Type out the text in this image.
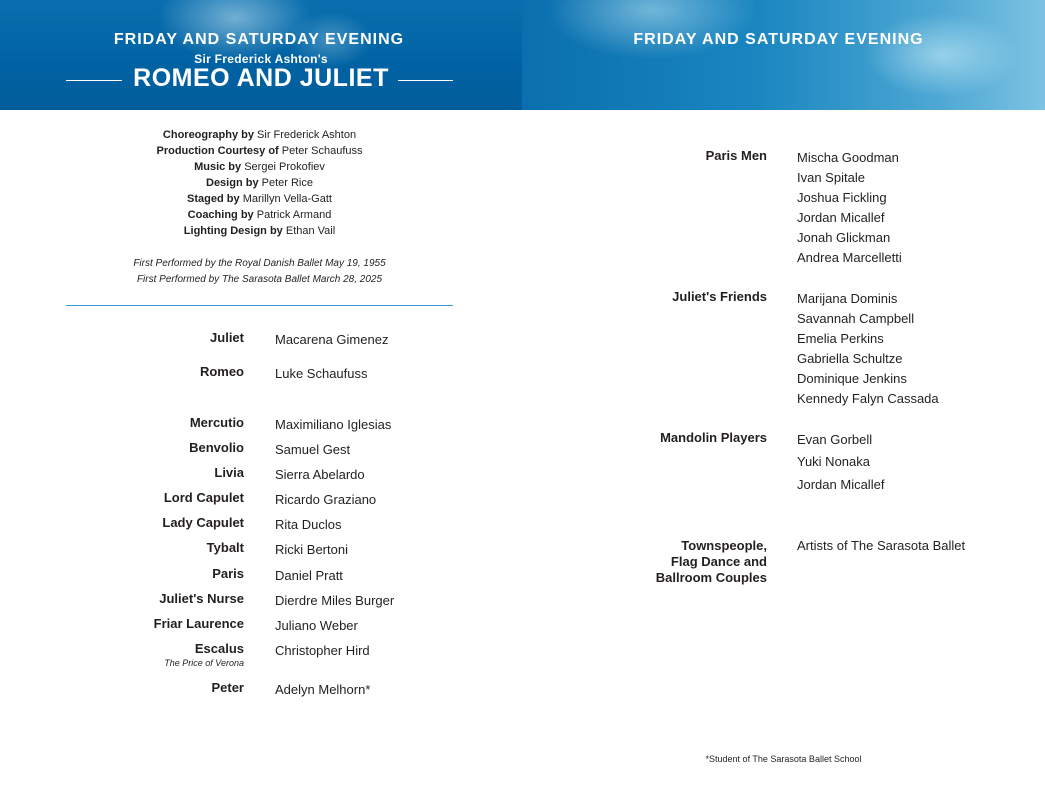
FRIDAY AND SATURDAY EVENING
Sir Frederick Ashton's
ROMEO AND JULIET
FRIDAY AND SATURDAY EVENING
Choreography by Sir Frederick Ashton
Production Courtesy of Peter Schaufuss
Music by Sergei Prokofiev
Design by Peter Rice
Staged by Marillyn Vella-Gatt
Coaching by Patrick Armand
Lighting Design by Ethan Vail
First Performed by the Royal Danish Ballet May 19, 1955
First Performed by The Sarasota Ballet March 28, 2025
Juliet Macarena Gimenez
Romeo Luke Schaufuss
Mercutio Maximiliano Iglesias
Benvolio Samuel Gest
Livia Sierra Abelardo
Lord Capulet Ricardo Graziano
Lady Capulet Rita Duclos
Tybalt Ricki Bertoni
Paris Daniel Pratt
Juliet's Nurse Dierdre Miles Burger
Friar Laurence Juliano Weber
Escalus
The Price of Verona
Christopher Hird
Peter Adelyn Melhorn*
Paris Men Mischa Goodman
Ivan Spitale
Joshua Fickling
Jordan Micallef
Jonah Glickman
Andrea Marcelletti
Juliet's Friends Marijana Dominis
Savannah Campbell
Emelia Perkins
Gabriella Schultze
Dominique Jenkins
Kennedy Falyn Cassada
Mandolin Players Evan Gorbell
Yuki Nonaka
Jordan Micallef
Townspeople,
Flag Dance and
Ballroom Couples
Artists of The Sarasota Ballet
*Student of The Sarasota Ballet School
